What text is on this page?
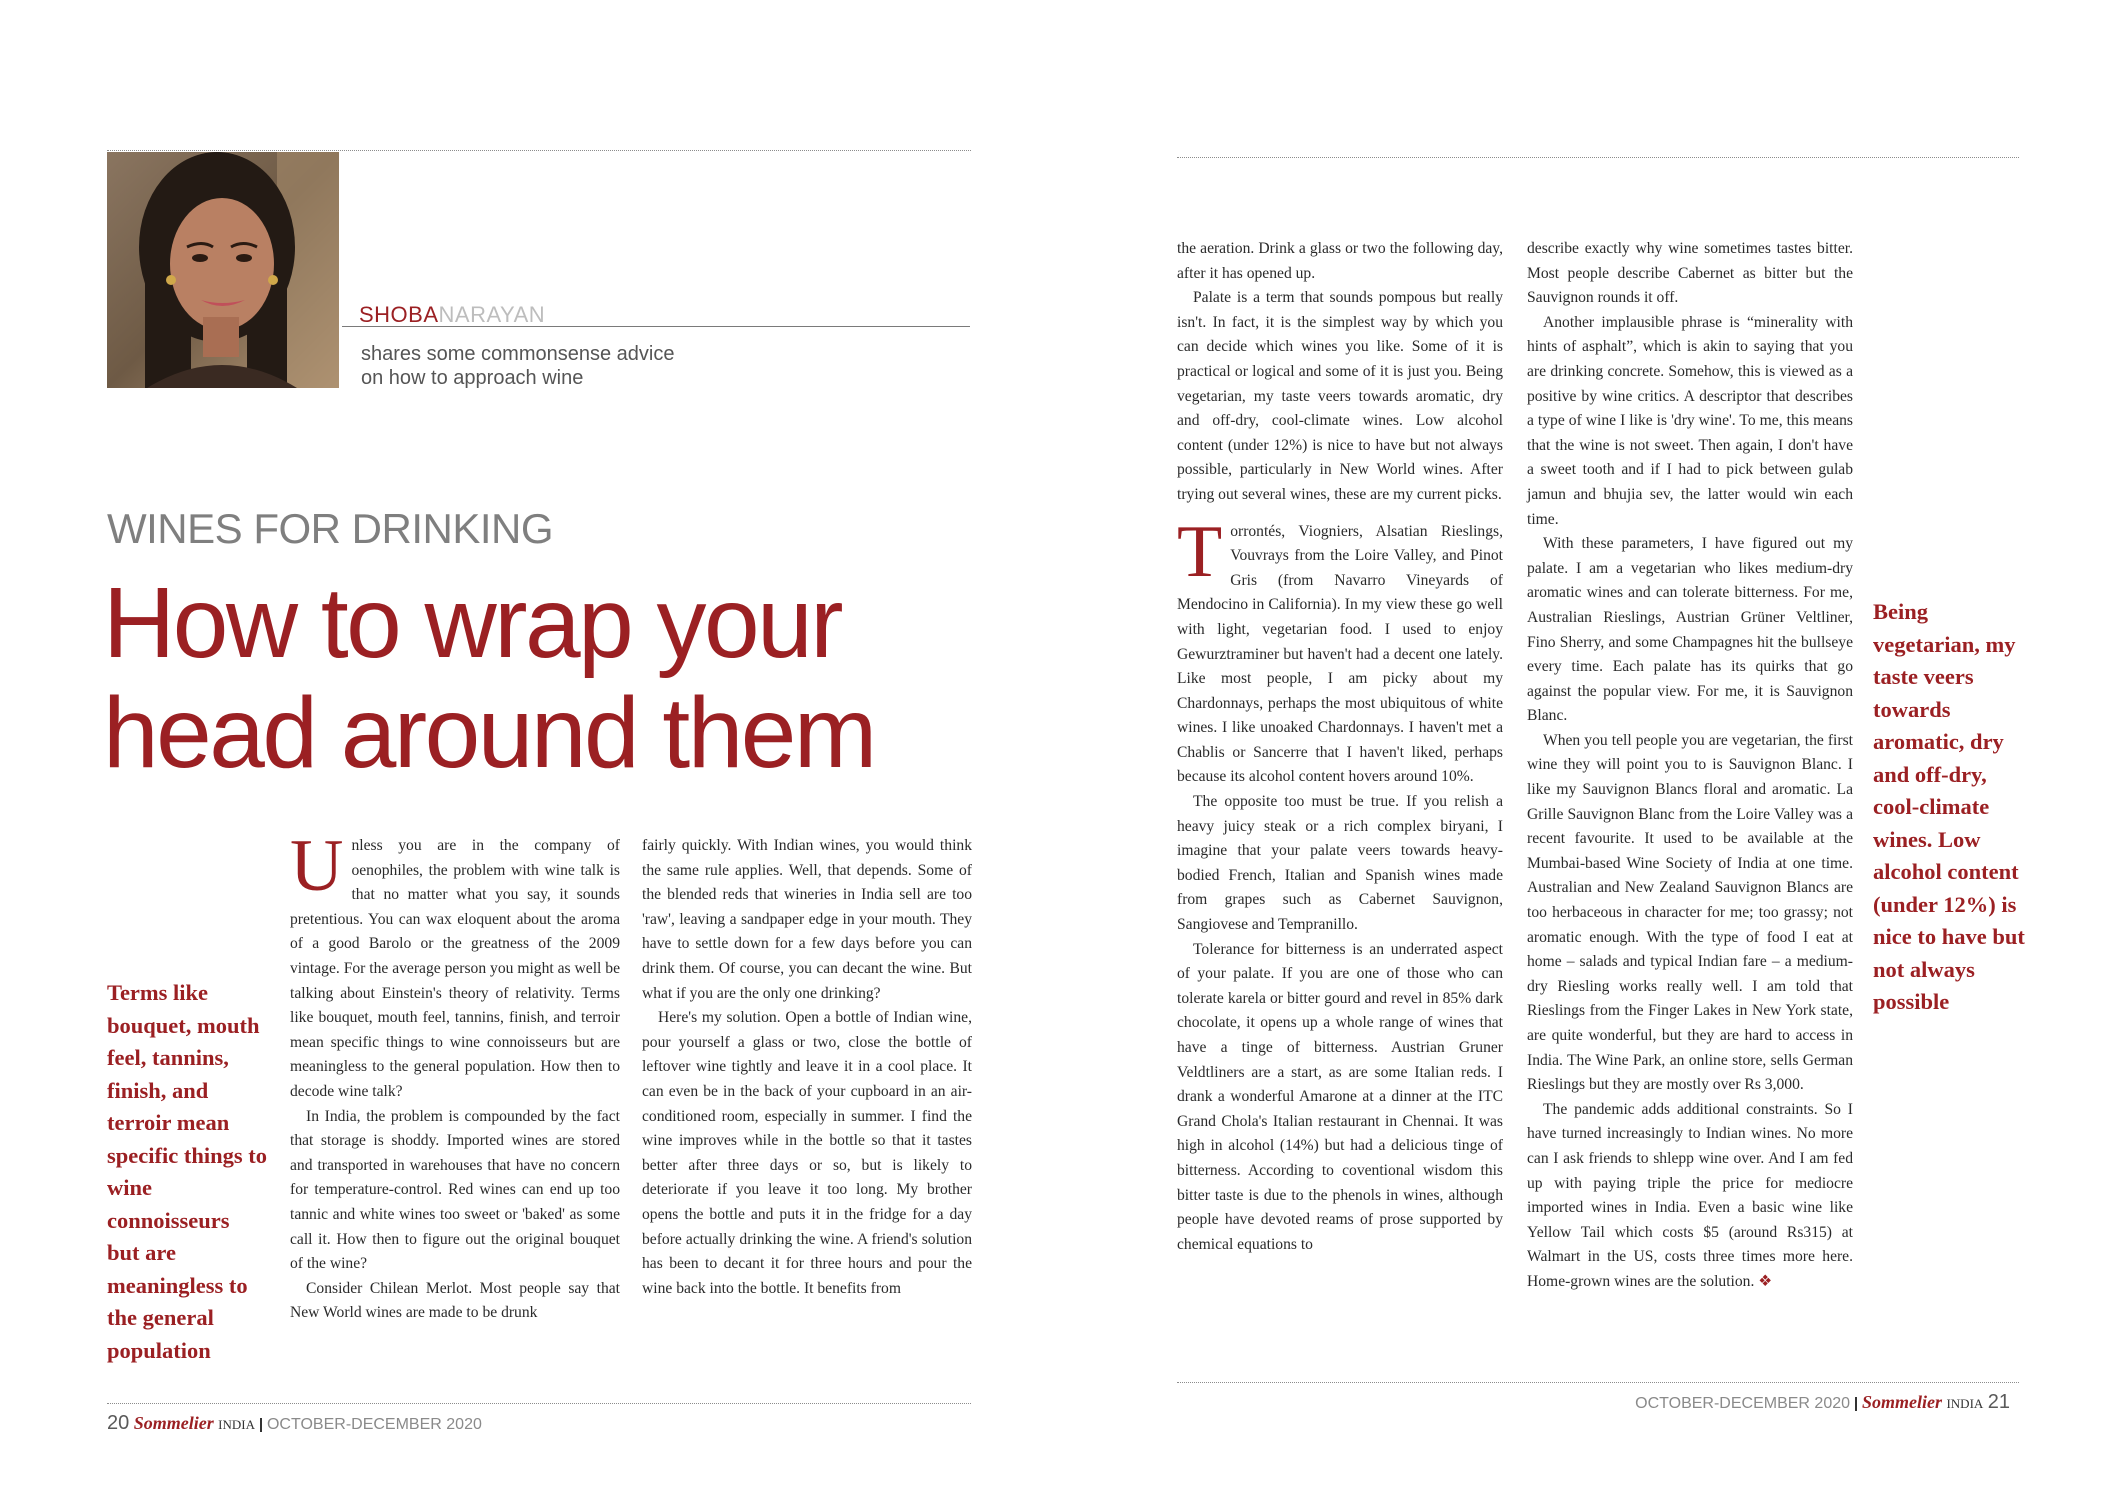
SHOBANARAYAN
shares some commonsense advice
on how to approach wine
WINES FOR DRINKING
How to wrap your
head around them
Terms like bouquet, mouth feel, tannins, finish, and terroir mean specific things to wine connoisseurs but are meaningless to the general population

Unless you are in the company of oenophiles, the problem with wine talk is that no matter what you say, it sounds pretentious. You can wax eloquent about the aroma of a good Barolo or the greatness of the 2009 vintage. For the average person you might as well be talking about Einstein's theory of relativity. Terms like bouquet, mouth feel, tannins, finish, and terroir mean specific things to wine connoisseurs but are meaningless to the general population. How then to decode wine talk?

In India, the problem is compounded by the fact that storage is shoddy. Imported wines are stored and transported in warehouses that have no concern for temperature-control. Red wines can end up too tannic and white wines too sweet or 'baked' as some call it. How then to figure out the original bouquet of the wine?

Consider Chilean Merlot. Most people say that New World wines are made to be drunk

fairly quickly. With Indian wines, you would think the same rule applies. Well, that depends. Some of the blended reds that wineries in India sell are too 'raw', leaving a sandpaper edge in your mouth. They have to settle down for a few days before you can drink them. Of course, you can decant the wine. But what if you are the only one drinking?

Here's my solution. Open a bottle of Indian wine, pour yourself a glass or two, close the bottle of leftover wine tightly and leave it in a cool place. It can even be in the back of your cupboard in an air-conditioned room, especially in summer. I find the wine improves while in the bottle so that it tastes better after three days or so, but is likely to deteriorate if you leave it too long. My brother opens the bottle and puts it in the fridge for a day before actually drinking the wine. A friend's solution has been to decant it for three hours and pour the wine back into the bottle. It benefits from

20 Sommelier INDIA OCTOBER-DECEMBER 2020

the aeration. Drink a glass or two the following day, after it has opened up.

Palate is a term that sounds pompous but really isn't. In fact, it is the simplest way by which you can decide which wines you like. Some of it is practical or logical and some of it is just you. Being vegetarian, my taste veers towards aromatic, dry and off-dry, cool-climate wines. Low alcohol content (under 12%) is nice to have but not always possible, particularly in New World wines. After trying out several wines, these are my current picks.

Torrontés, Viogniers, Alsatian Rieslings, Vouvrays from the Loire Valley, and Pinot Gris (from Navarro Vineyards of Mendocino in California). In my view these go well with light, vegetarian food. I used to enjoy Gewurztraminer but haven't had a decent one lately. Like most people, I am picky about my Chardonnays, perhaps the most ubiquitous of white wines. I like unoaked Chardonnays. I haven't met a Chablis or Sancerre that I haven't liked, perhaps because its alcohol content hovers around 10%.

The opposite too must be true. If you relish a heavy juicy steak or a rich complex biryani, I imagine that your palate veers towards heavy-bodied French, Italian and Spanish wines made from grapes such as Cabernet Sauvignon, Sangiovese and Tempranillo.

Tolerance for bitterness is an underrated aspect of your palate. If you are one of those who can tolerate karela or bitter gourd and revel in 85% dark chocolate, it opens up a whole range of wines that have a tinge of bitterness. Austrian Gruner Veldtliners are a start, as are some Italian reds. I drank a wonderful Amarone at a dinner at the ITC Grand Chola's Italian restaurant in Chennai. It was high in alcohol (14%) but had a delicious tinge of bitterness. According to coventional wisdom this bitter taste is due to the phenols in wines, although people have devoted reams of prose supported by chemical equations to

describe exactly why wine sometimes tastes bitter. Most people describe Cabernet as bitter but the Sauvignon rounds it off.

Another implausible phrase is “minerality with hints of asphalt”, which is akin to saying that you are drinking concrete. Somehow, this is viewed as a positive by wine critics. A descriptor that describes a type of wine I like is 'dry wine'. To me, this means that the wine is not sweet. Then again, I don't have a sweet tooth and if I had to pick between gulab jamun and bhujia sev, the latter would win each time.

With these parameters, I have figured out my palate. I am a vegetarian who likes medium-dry aromatic wines and can tolerate bitterness. For me, Australian Rieslings, Austrian Grüner Veltliner, Fino Sherry, and some Champagnes hit the bullseye every time. Each palate has its quirks that go against the popular view. For me, it is Sauvignon Blanc.

When you tell people you are vegetarian, the first wine they will point you to is Sauvignon Blanc. I like my Sauvignon Blancs floral and aromatic. La Grille Sauvignon Blanc from the Loire Valley was a recent favourite. It used to be available at the Mumbai-based Wine Society of India at one time. Australian and New Zealand Sauvignon Blancs are too herbaceous in character for me; too grassy; not aromatic enough. With the type of food I eat at home – salads and typical Indian fare – a medium-dry Riesling works really well. I am told that Rieslings from the Finger Lakes in New York state, are quite wonderful, but they are hard to access in India. The Wine Park, an online store, sells German Rieslings but they are mostly over Rs 3,000.

The pandemic adds additional constraints. So I have turned increasingly to Indian wines. No more can I ask friends to shlepp wine over. And I am fed up with paying triple the price for mediocre imported wines in India. Even a basic wine like Yellow Tail which costs $5 (around Rs315) at Walmart in the US, costs three times more here. Home-grown wines are the solution. ❖

Being vegetarian, my taste veers towards aromatic, dry and off-dry, cool-climate wines. Low alcohol content (under 12%) is nice to have but not always possible
OCTOBER-DECEMBER 2020 Sommelier INDIA 21
